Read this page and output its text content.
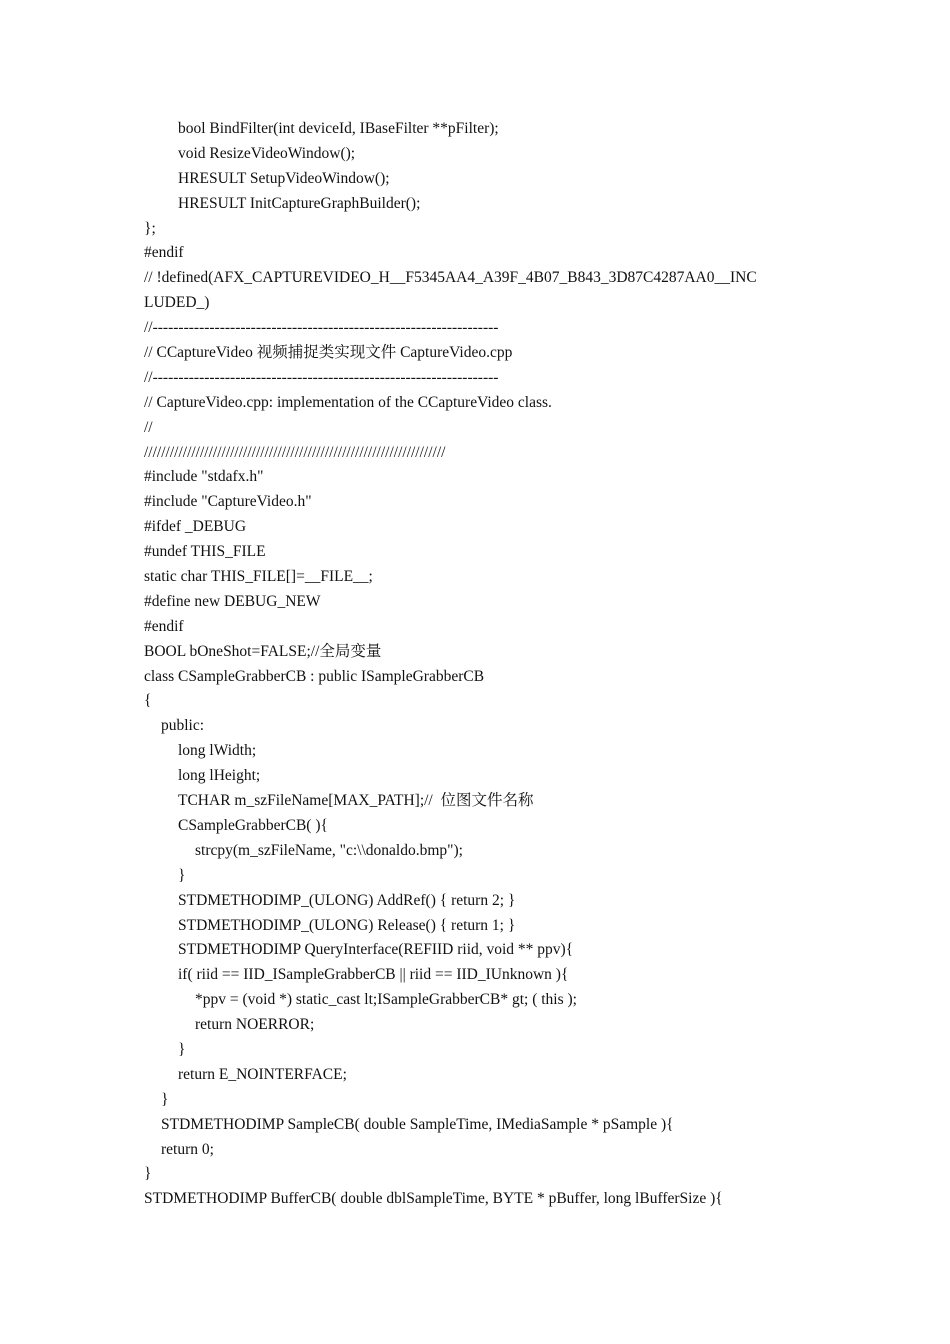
bool BindFilter(int deviceId, IBaseFilter **pFilter);
void ResizeVideoWindow();
HRESULT SetupVideoWindow();
HRESULT InitCaptureGraphBuilder();
};
#endif
// !defined(AFX_CAPTUREVIDEO_H__F5345AA4_A39F_4B07_B843_3D87C4287AA0__INC
LUDED_)
//-------------------------------------------------------------------
// CCaptureVideo 视频捕捉类实现文件 CaptureVideo.cpp
//-------------------------------------------------------------------
// CaptureVideo.cpp: implementation of the CCaptureVideo class.
//
//////////////////////////////////////////////////////////////////////
#include "stdafx.h"
#include "CaptureVideo.h"
#ifdef _DEBUG
#undef THIS_FILE
static char THIS_FILE[]=__FILE__;
#define new DEBUG_NEW
#endif
BOOL bOneShot=FALSE;//全局变量
class CSampleGrabberCB : public ISampleGrabberCB
{
public:
long lWidth;
long lHeight;
TCHAR m_szFileName[MAX_PATH];//  位图文件名称
CSampleGrabberCB( ){
strcpy(m_szFileName, "c:\\donaldo.bmp");
}
STDMETHODIMP_(ULONG) AddRef() { return 2; }
STDMETHODIMP_(ULONG) Release() { return 1; }
STDMETHODIMP QueryInterface(REFIID riid, void ** ppv){
if( riid == IID_ISampleGrabberCB || riid == IID_IUnknown ){
*ppv = (void *) static_cast lt;ISampleGrabberCB* gt; ( this );
return NOERROR;
}
return E_NOINTERFACE;
}
STDMETHODIMP SampleCB( double SampleTime, IMediaSample * pSample ){
return 0;
}
STDMETHODIMP BufferCB( double dblSampleTime, BYTE * pBuffer, long lBufferSize ){
